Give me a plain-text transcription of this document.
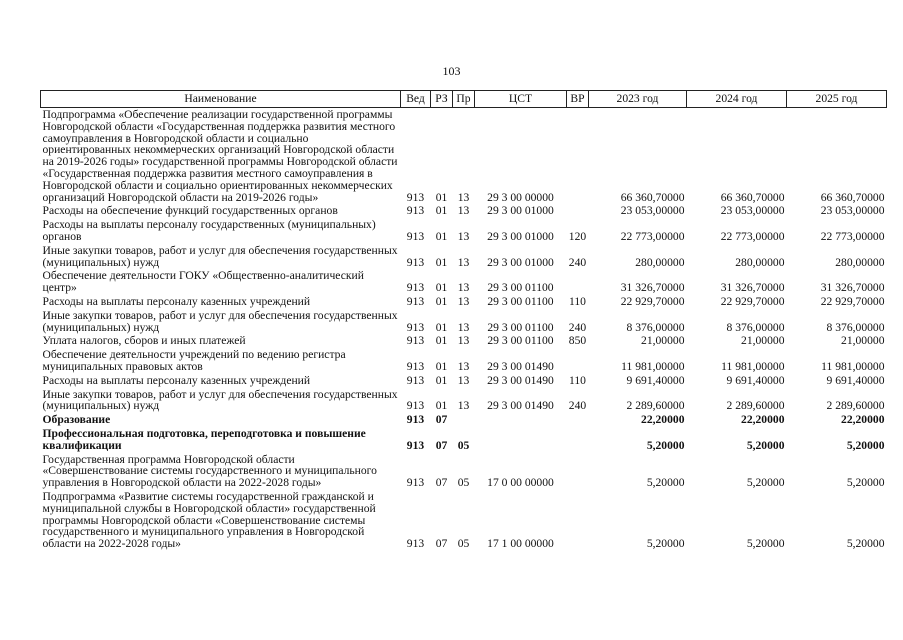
103
Наименование	Вед	РЗ	Пр	ЦСТ	ВР	2023 год	2024 год	2025 год
Подпрограмма «Обеспечение реализации государственной программы Новгородской области «Государственная поддержка развития местного самоуправления в Новгородской области и социально ориентированных некоммерческих организаций Новгородской области на 2019-2026 годы» государственной программы Новгородской области «Государственная поддержка развития местного самоуправления в Новгородской области и социально ориентированных некоммерческих организаций Новгородской области на 2019-2026 годы»	913	01	13	29 3 00 00000		66 360,70000	66 360,70000	66 360,70000
Расходы на обеспечение функций государственных органов	913	01	13	29 3 00 01000		23 053,00000	23 053,00000	23 053,00000
Расходы на выплаты персоналу государственных (муниципальных) органов	913	01	13	29 3 00 01000	120	22 773,00000	22 773,00000	22 773,00000
Иные закупки товаров, работ и услуг для обеспечения государственных (муниципальных) нужд	913	01	13	29 3 00 01000	240	280,00000	280,00000	280,00000
Обеспечение деятельности ГОКУ «Общественно-аналитический центр»	913	01	13	29 3 00 01100		31 326,70000	31 326,70000	31 326,70000
Расходы на выплаты персоналу казенных учреждений	913	01	13	29 3 00 01100	110	22 929,70000	22 929,70000	22 929,70000
Иные закупки товаров, работ и услуг для обеспечения государственных (муниципальных) нужд	913	01	13	29 3 00 01100	240	8 376,00000	8 376,00000	8 376,00000
Уплата налогов, сборов и иных платежей	913	01	13	29 3 00 01100	850	21,00000	21,00000	21,00000
Обеспечение деятельности учреждений по ведению регистра муниципальных правовых актов	913	01	13	29 3 00 01490		11 981,00000	11 981,00000	11 981,00000
Расходы на выплаты персоналу казенных учреждений	913	01	13	29 3 00 01490	110	9 691,40000	9 691,40000	9 691,40000
Иные закупки товаров, работ и услуг для обеспечения государственных (муниципальных) нужд	913	01	13	29 3 00 01490	240	2 289,60000	2 289,60000	2 289,60000
Образование	913	07				22,20000	22,20000	22,20000
Профессиональная подготовка, переподготовка и повышение квалификации	913	07	05			5,20000	5,20000	5,20000
Государственная программа Новгородской области «Совершенствование системы государственного и муниципального управления в Новгородской области на 2022-2028 годы»	913	07	05	17 0 00 00000		5,20000	5,20000	5,20000
Подпрограмма «Развитие системы государственной гражданской и муниципальной службы в Новгородской области» государственной программы Новгородской области «Совершенствование системы государственного и муниципального управления в Новгородской области на 2022-2028 годы»	913	07	05	17 1 00 00000		5,20000	5,20000	5,20000
